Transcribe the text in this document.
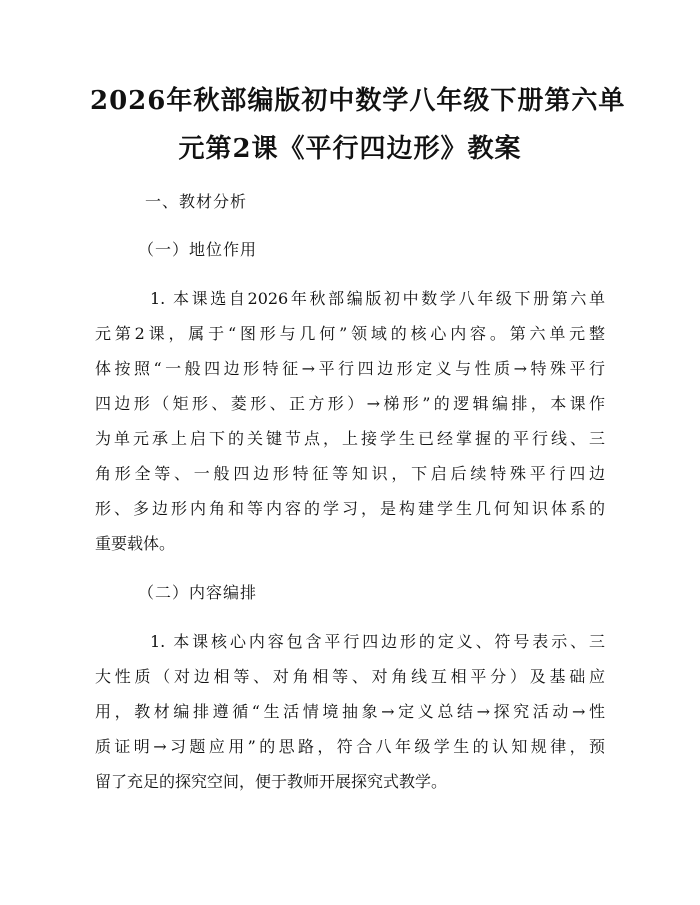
2026年秋部编版初中数学八年级下册第六单
元第2课《平行四边形》教案
一、教材分析
（一）地位作用
1. 本课选自2026年秋部编版初中数学八年级下册第六单
元第2课，属于“图形与几何”领域的核心内容。第六单元整
体按照“一般四边形特征→平行四边形定义与性质→特殊平行
四边形（矩形、菱形、正方形）→梯形”的逻辑编排，本课作
为单元承上启下的关键节点，上接学生已经掌握的平行线、三
角形全等、一般四边形特征等知识，下启后续特殊平行四边
形、多边形内角和等内容的学习，是构建学生几何知识体系的
重要载体。
（二）内容编排
1. 本课核心内容包含平行四边形的定义、符号表示、三
大性质（对边相等、对角相等、对角线互相平分）及基础应
用，教材编排遵循“生活情境抽象→定义总结→探究活动→性
质证明→习题应用”的思路，符合八年级学生的认知规律，预
留了充足的探究空间，便于教师开展探究式教学。
